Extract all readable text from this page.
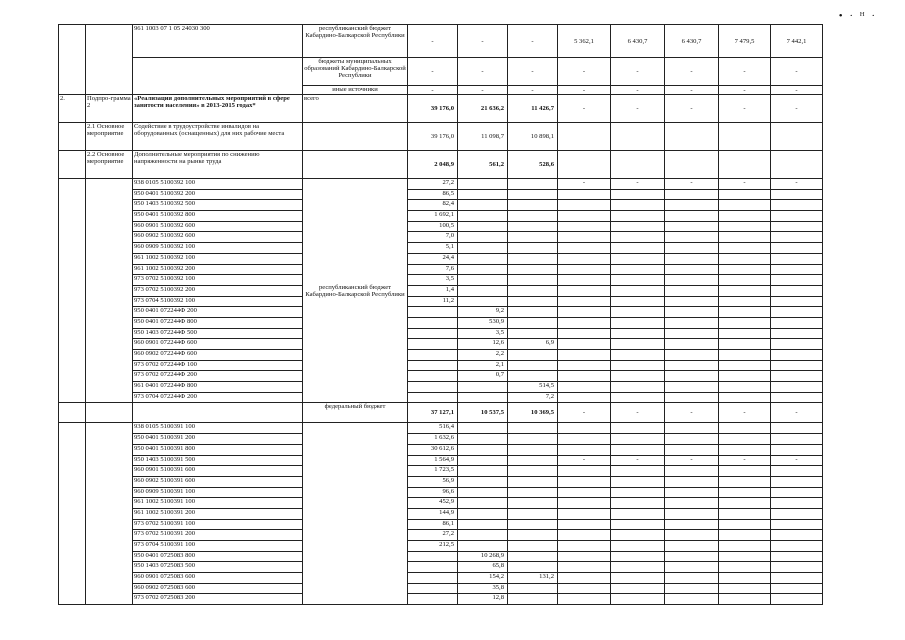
• · ᴴ ·
		961 1003 07 1 05 24030 300	республиканский бюджет Кабардино-Балкарской Республики	-	-	-	5 362,1	6 430,7	6 430,7	7 479,5	7 442,1
			бюджеты муниципальных образований Кабардино-Балкарской Республики	-	-	-	-	-	-	-	-
			иные источники	-	-	-	-	-	-	-	-
2.	Подпро-грамма 2	«Реализация дополнительных мероприятий в сфере занятости населения» в 2013-2015 годах*	всего	39 176,0	21 636,2	11 426,7	-	-	-	-	-
	2.1 Основное мероприятие	Содействие в трудоустройстве инвалидов на оборудованных (оснащенных) для них рабочие места		39 176,0	11 098,7	10 898,1					
	2.2 Основное мероприятие	Дополнительные мероприятия по снижению напряженности на рынке труда		2 048,9	561,2	528,6					
		938 0105 5100392 100	республиканский бюджет Кабардино-Балкарской Республики	27,2			-	-	-	-	-
		950 0401 5100392 200		86,5							
		950 1403 5100392 500		82,4							
		950 0401 5100392 800		1 692,1							
		960 0901 5100392 600		100,5							
		960 0902 5100392 600		7,0							
		960 0909 5100392 100		5,1							
		961 1002 5100392 100		24,4							
		961 1002 5100392 200		7,6							
		973 0702 5100392 100		3,5							
		973 0702 5100392 200		1,4							
		973 0704 5100392 100		11,2							
		950 0401 072244Ф 200			9,2						
		950 0401 072244Ф 800			530,9						
		950 1403 072244Ф 500			3,5						
		960 0901 072244Ф 600			12,6	6,9					
		960 0902 072244Ф 600			2,2						
		973 0702 072244Ф 100			2,1						
		973 0702 072244Ф 200			0,7						
		961 0401 072244Ф 800				514,5					
		973 0704 072244Ф 200				7,2					
			федеральный бюджет	37 127,1	10 537,5	10 369,5	-	-	-	-	-
		938 0105 5100391 100		516,4							
		950 0401 5100391 200		1 632,6							
		950 0401 5100391 800		30 612,6							
		950 1403 5100391 500		1 564,9			-	-	-	-	-
		960 0901 5100391 600		1 723,5							
		960 0902 5100391 600		56,9							
		960 0909 5100391 100		96,6							
		961 1002 5100391 100		452,9							
		961 1002 5100391 200		144,9							
		973 0702 5100391 100		86,1							
		973 0702 5100391 200		27,2							
		973 0704 5100391 100		212,5							
		950 0401 0725083 800			10 268,9						
		950 1403 0725083 500			65,8						
		960 0901 0725083 600			154,2	131,2					
		960 0902 0725083 600			35,8						
		973 0702 0725083 200			12,8						
